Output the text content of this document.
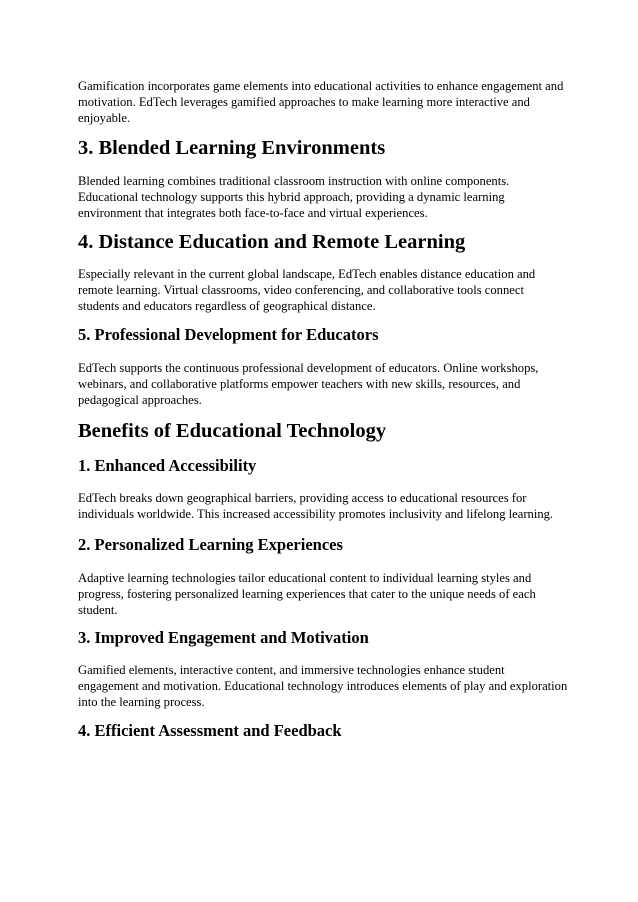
Gamification incorporates game elements into educational activities to enhance engagement and motivation. EdTech leverages gamified approaches to make learning more interactive and enjoyable.

3. Blended Learning Environments

Blended learning combines traditional classroom instruction with online components. Educational technology supports this hybrid approach, providing a dynamic learning environment that integrates both face-to-face and virtual experiences.

4. Distance Education and Remote Learning

Especially relevant in the current global landscape, EdTech enables distance education and remote learning. Virtual classrooms, video conferencing, and collaborative tools connect students and educators regardless of geographical distance.

5. Professional Development for Educators

EdTech supports the continuous professional development of educators. Online workshops, webinars, and collaborative platforms empower teachers with new skills, resources, and pedagogical approaches.

Benefits of Educational Technology
1. Enhanced Accessibility

EdTech breaks down geographical barriers, providing access to educational resources for individuals worldwide. This increased accessibility promotes inclusivity and lifelong learning.

2. Personalized Learning Experiences

Adaptive learning technologies tailor educational content to individual learning styles and progress, fostering personalized learning experiences that cater to the unique needs of each student.

3. Improved Engagement and Motivation

Gamified elements, interactive content, and immersive technologies enhance student engagement and motivation. Educational technology introduces elements of play and exploration into the learning process.

4. Efficient Assessment and Feedback
